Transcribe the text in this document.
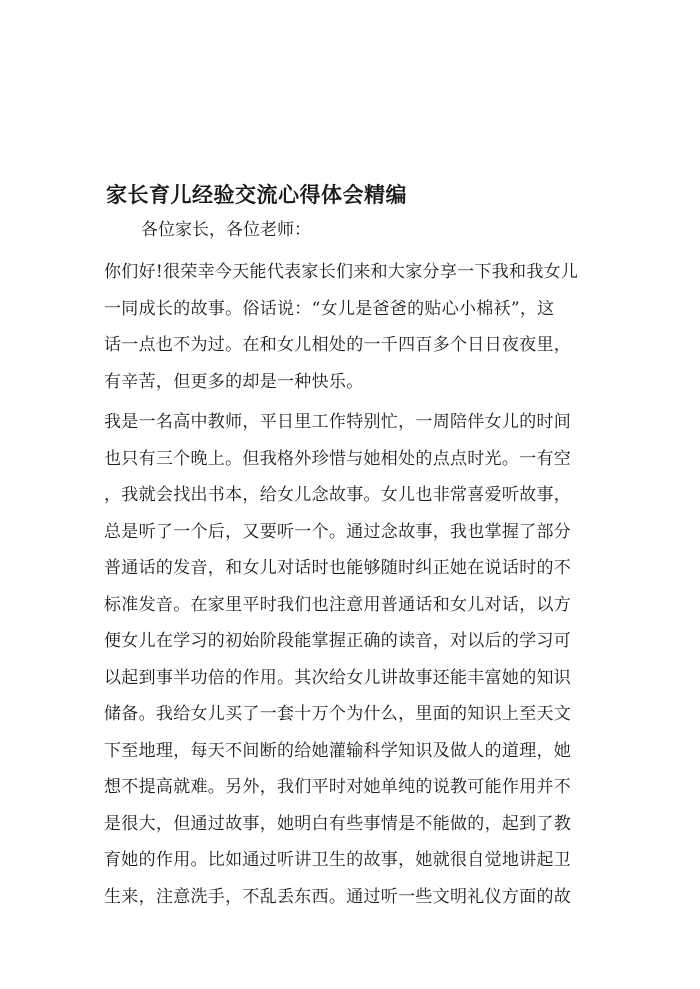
家长育儿经验交流心得体会精编
各位家长，各位老师：
你们好!很荣幸今天能代表家长们来和大家分享一下我和我女儿
一同成长的故事。俗话说：“女儿是爸爸的贴心小棉袄”，这
话一点也不为过。在和女儿相处的一千四百多个日日夜夜里，
有辛苦，但更多的却是一种快乐。
我是一名高中教师，平日里工作特别忙，一周陪伴女儿的时间
也只有三个晚上。但我格外珍惜与她相处的点点时光。一有空
，我就会找出书本，给女儿念故事。女儿也非常喜爱听故事，
总是听了一个后，又要听一个。通过念故事，我也掌握了部分
普通话的发音，和女儿对话时也能够随时纠正她在说话时的不
标准发音。在家里平时我们也注意用普通话和女儿对话，以方
便女儿在学习的初始阶段能掌握正确的读音，对以后的学习可
以起到事半功倍的作用。其次给女儿讲故事还能丰富她的知识
储备。我给女儿买了一套十万个为什么，里面的知识上至天文
下至地理，每天不间断的给她灌输科学知识及做人的道理，她
想不提高就难。另外，我们平时对她单纯的说教可能作用并不
是很大，但通过故事，她明白有些事情是不能做的，起到了教
育她的作用。比如通过听讲卫生的故事，她就很自觉地讲起卫
生来，注意洗手，不乱丢东西。通过听一些文明礼仪方面的故
